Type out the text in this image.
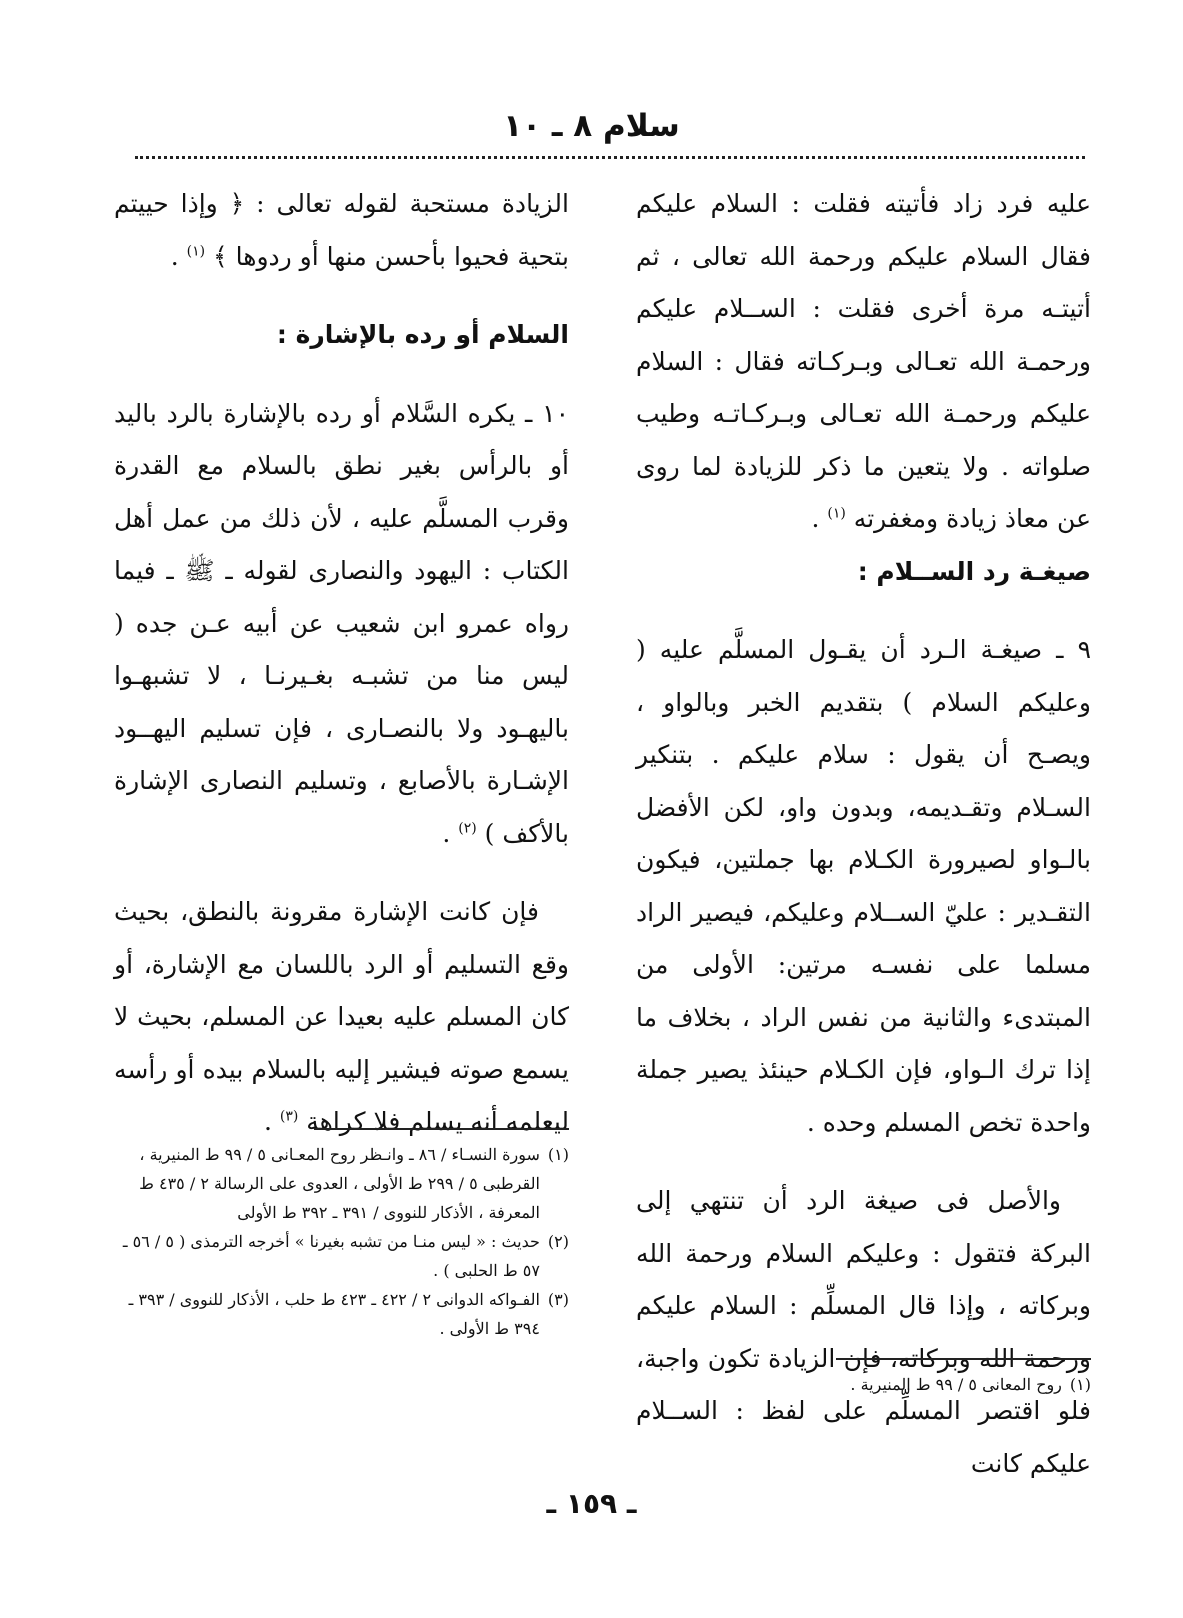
سلام ٨ ـ ١٠

عليه فرد زاد فأتيته فقلت : السلام عليكم فقال السلام عليكم ورحمة الله تعالى ، ثم أتيتـه مرة أخرى فقلت : الســلام عليكم ورحمـة الله تعـالى وبـركـاته فقال : السلام عليكم ورحمـة الله تعـالى وبـركـاتـه وطيب صلواته . ولا يتعين ما ذكر للزيادة لما روى عن معاذ زيادة ومغفرته $^{(١)}$ .

صيغـة رد الســلام :

٩ ـ صيغـة الـرد أن يقـول المسلَّم عليه ( وعليكم السلام ) بتقديم الخبر وبالواو ، ويصـح أن يقول : سلام عليكم . بتنكير السـلام وتقـديمه، وبدون واو، لكن الأفضل بالـواو لصيرورة الكـلام بها جملتين، فيكون التقـدير : عليّ الســلام وعليكم، فيصير الراد مسلما على نفسـه مرتين: الأولى من المبتدىء والثانية من نفس الراد ، بخلاف ما إذا ترك الـواو، فإن الكـلام حينئذ يصير جملة واحدة تخص المسلم وحده .

والأصل فى صيغة الرد أن تنتهي إلى البركة فتقول : وعليكم السلام ورحمة الله وبركاته ، وإذا قال المسلِّم : السلام عليكم ورحمة الله وبركاته، فإن الزيادة تكون واجبة، فلو اقتصر المسلِّم على لفظ : الســلام عليكم كانت

الزيادة مستحبة لقوله تعالى : ﴿ وإذا حييتم بتحية فحيوا بأحسن منها أو ردوها ﴾ $^{(١)}$ .

السلام أو رده بالإشارة :

١٠ ـ يكره السَّلام أو رده بالإشارة بالرد باليد أو بالرأس بغير نطق بالسلام مع القدرة وقرب المسلَّم عليه ، لأن ذلك من عمل أهل الكتاب : اليهود والنصارى لقوله ـ ﷺ ـ فيما رواه عمرو ابن شعيب عن أبيه عـن جده ( ليس منا من تشبـه بغـيرنـا ، لا تشبهـوا باليهـود ولا بالنصـارى ، فإن تسليم اليهــود الإشـارة بالأصابع ، وتسليم النصارى الإشارة بالأكف ) $^{(٢)}$ .

فإن كانت الإشارة مقرونة بالنطق، بحيث وقع التسليم أو الرد باللسان مع الإشارة، أو كان المسلم عليه بعيدا عن المسلم، بحيث لا يسمع صوته فيشير إليه بالسلام بيده أو رأسه ليعلمه أنه يسلم فلا كراهة $^{(٣)}$ .

(١)
سورة النسـاء / ٨٦ ـ وانـظر روح المعـانى ٥ / ٩٩ ط المنيرية ، القرطبى ٥ / ٢٩٩ ط الأولى ، العدوى على الرسالة ٢ / ٤٣٥ ط المعرفة ، الأذكار للنووى / ٣٩١ ـ ٣٩٢ ط الأولى
(٢)
حديث : « ليس منـا من تشبه بغيرنا » أخرجه الترمذى ( ٥ / ٥٦ ـ ٥٧ ط الحلبى ) .
(٣)
الفـواكه الدوانى ٢ / ٤٢٢ ـ ٤٢٣ ط حلب ، الأذكار للنووى / ٣٩٣ ـ ٣٩٤ ط الأولى .
(١)
روح المعانى ٥ / ٩٩ ط المنيرية .
ـ ١٥٩ ـ
